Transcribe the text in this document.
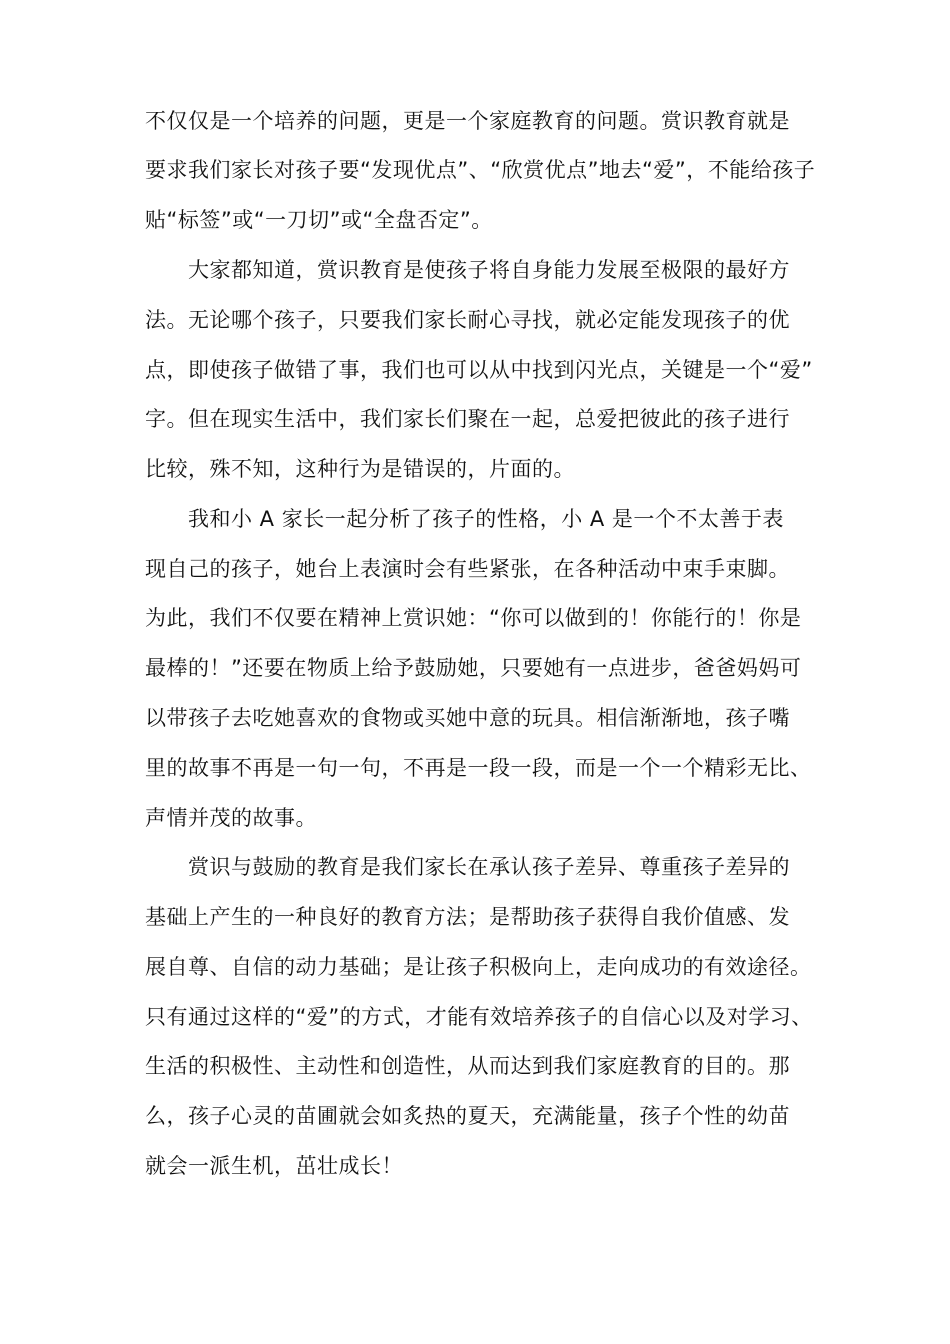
不仅仅是一个培养的问题，更是一个家庭教育的问题。赏识教育就是
要求我们家长对孩子要“发现优点”、“欣赏优点”地去“爱”，不能给孩子
贴“标签”或“一刀切”或“全盘否定”。
大家都知道，赏识教育是使孩子将自身能力发展至极限的最好方
法。无论哪个孩子，只要我们家长耐心寻找，就必定能发现孩子的优
点，即使孩子做错了事，我们也可以从中找到闪光点，关键是一个“爱”
字。但在现实生活中，我们家长们聚在一起，总爱把彼此的孩子进行
比较，殊不知，这种行为是错误的，片面的。
我和小 A 家长一起分析了孩子的性格，小 A 是一个不太善于表
现自己的孩子，她台上表演时会有些紧张，在各种活动中束手束脚。
为此，我们不仅要在精神上赏识她：“你可以做到的！你能行的！你是
最棒的！”还要在物质上给予鼓励她，只要她有一点进步，爸爸妈妈可
以带孩子去吃她喜欢的食物或买她中意的玩具。相信渐渐地，孩子嘴
里的故事不再是一句一句，不再是一段一段，而是一个一个精彩无比、
声情并茂的故事。
赏识与鼓励的教育是我们家长在承认孩子差异、尊重孩子差异的
基础上产生的一种良好的教育方法；是帮助孩子获得自我价值感、发
展自尊、自信的动力基础；是让孩子积极向上，走向成功的有效途径。
只有通过这样的“爱”的方式，才能有效培养孩子的自信心以及对学习、
生活的积极性、主动性和创造性，从而达到我们家庭教育的目的。那
么，孩子心灵的苗圃就会如炙热的夏天，充满能量，孩子个性的幼苗
就会一派生机，茁壮成长！
